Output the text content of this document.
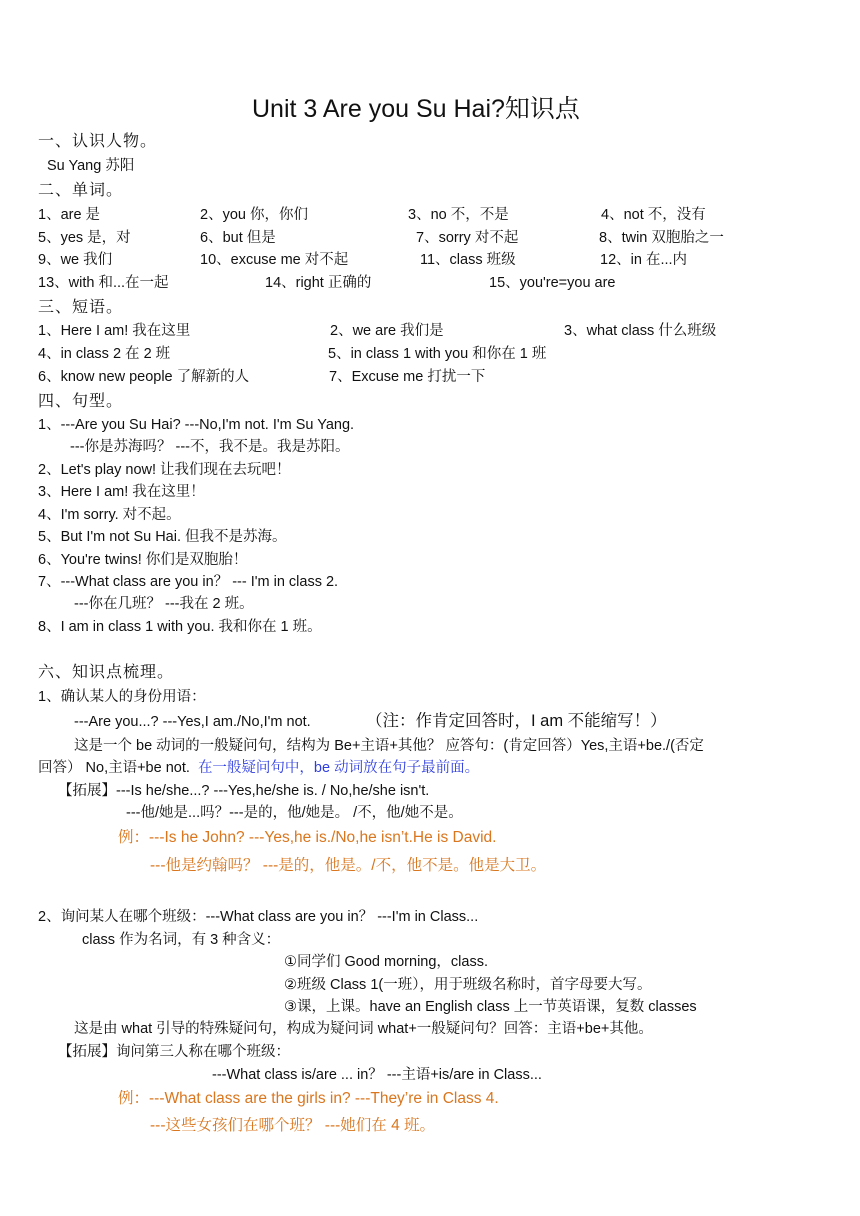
Unit 3 Are you Su Hai?知识点
一、认识人物。
Su Yang 苏阳
二、单词。
1、are 是	2、you 你，你们	3、no 不，不是	4、not 不，没有
5、yes 是，对	6、but 但是	7、sorry 对不起	8、twin 双胞胎之一
9、we 我们	10、excuse me 对不起	11、class 班级	12、in 在...内
13、with 和...在一起	14、right 正确的	15、you're=you are
三、短语。
1、Here I am! 我在这里	2、we are 我们是	3、what class 什么班级
4、in class 2 在 2 班	5、in class 1 with you 和你在 1 班
6、know new people 了解新的人	7、Excuse me 打扰一下
四、句型。
1、---Are you Su Hai? ---No,I'm not. I'm Su Yang.
---你是苏海吗？ ---不，我不是。我是苏阳。
2、Let's play now! 让我们现在去玩吧！
3、Here I am! 我在这里！
4、I'm sorry. 对不起。
5、But I'm not Su Hai. 但我不是苏海。
6、You're twins! 你们是双胞胎！
7、---What class are you in？ --- I'm in class 2.
---你在几班？ ---我在 2 班。
8、I am in class 1 with you. 我和你在 1 班。
六、知识点梳理。
1、确认某人的身份用语：
---Are you...? ---Yes,I am./No,I'm not.	（注：作肯定回答时，I am 不能缩写！）
这是一个 be 动词的一般疑问句，结构为 Be+主语+其他？ 应答句：(肯定回答）Yes,主语+be./(否定
回答） No,主语+be not. 在一般疑问句中，be 动词放在句子最前面。
【拓展】---Is he/she...? ---Yes,he/she is. / No,he/she isn't.
---他/她是...吗？---是的，他/她是。 /不，他/她不是。
例：---Is he John? ---Yes,he is./No,he isn’t.He is David.
---他是约翰吗？ ---是的，他是。/不，他不是。他是大卫。
2、询问某人在哪个班级：---What class are you in？ ---I'm in Class...
class 作为名词，有 3 种含义：
①同学们 Good morning，class.
②班级 Class 1(一班），用于班级名称时，首字母要大写。
③课，上课。have an English class 上一节英语课，复数 classes
这是由 what 引导的特殊疑问句，构成为疑问词 what+一般疑问句？回答：主语+be+其他。
【拓展】询问第三人称在哪个班级：
---What class is/are ... in？ ---主语+is/are in Class...
例：---What class are the girls in? ---They’re in Class 4.
---这些女孩们在哪个班？ ---她们在 4 班。
